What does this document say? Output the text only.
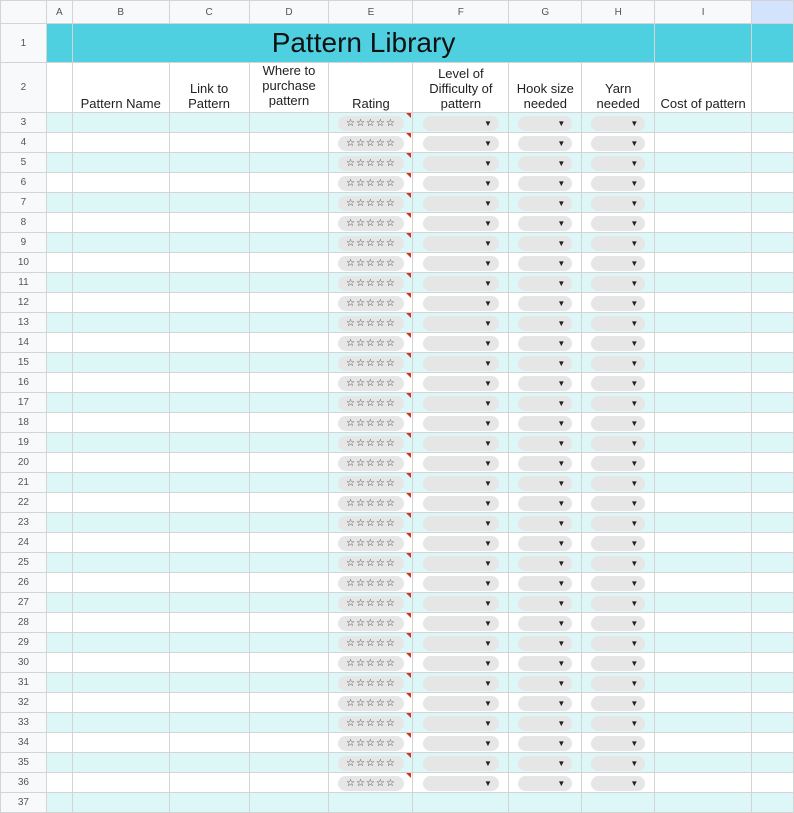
	A	B	C	D	E	F	G	H	I	
1		Pattern Library								
2		Pattern Name	Link to Pattern	Where to purchase pattern	Rating	Level of Difficulty of pattern	Hook size needed	Yarn needed	Cost of pattern	
3					☆☆☆☆☆	▼	▼	▼		

4					☆☆☆☆☆	▼	▼	▼		

5					☆☆☆☆☆	▼	▼	▼		

6					☆☆☆☆☆	▼	▼	▼		

7					☆☆☆☆☆	▼	▼	▼		

8					☆☆☆☆☆	▼	▼	▼		

9					☆☆☆☆☆	▼	▼	▼		

10					☆☆☆☆☆	▼	▼	▼		

11					☆☆☆☆☆	▼	▼	▼		

12					☆☆☆☆☆	▼	▼	▼		

13					☆☆☆☆☆	▼	▼	▼		

14					☆☆☆☆☆	▼	▼	▼		

15					☆☆☆☆☆	▼	▼	▼		

16					☆☆☆☆☆	▼	▼	▼		

17					☆☆☆☆☆	▼	▼	▼		

18					☆☆☆☆☆	▼	▼	▼		

19					☆☆☆☆☆	▼	▼	▼		

20					☆☆☆☆☆	▼	▼	▼		

21					☆☆☆☆☆	▼	▼	▼		

22					☆☆☆☆☆	▼	▼	▼		

23					☆☆☆☆☆	▼	▼	▼		

24					☆☆☆☆☆	▼	▼	▼		

25					☆☆☆☆☆	▼	▼	▼		

26					☆☆☆☆☆	▼	▼	▼		

27					☆☆☆☆☆	▼	▼	▼		

28					☆☆☆☆☆	▼	▼	▼		

29					☆☆☆☆☆	▼	▼	▼		

30					☆☆☆☆☆	▼	▼	▼		

31					☆☆☆☆☆	▼	▼	▼		

32					☆☆☆☆☆	▼	▼	▼		

33					☆☆☆☆☆	▼	▼	▼		

34					☆☆☆☆☆	▼	▼	▼		

35					☆☆☆☆☆	▼	▼	▼		

36					☆☆☆☆☆	▼	▼	▼		

37										
